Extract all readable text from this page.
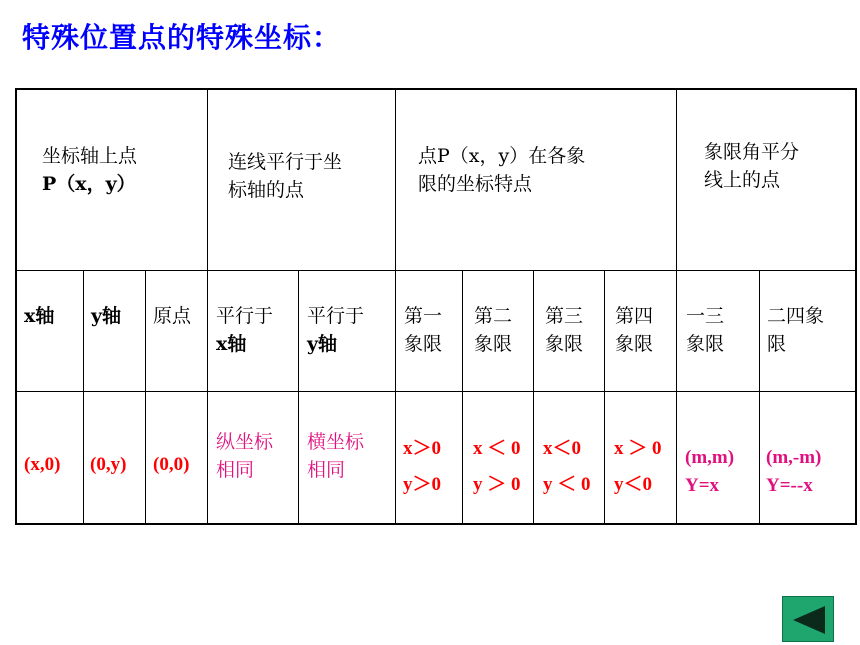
特殊位置点的特殊坐标：
坐标轴上点
P（x，y）
连线平行于坐
标轴的点
点P（x，y）在各象
限的坐标特点
象限角平分
线上的点
x轴 y轴 原点 平行于
x轴
平行于
y轴
第一
象限
第二
象限
第三
象限
第四
象限
一三
象限
二四象
限
(x,0) (0,y) (0,0)
纵坐标
相同
横坐标
相同
x＞0
y＞0
x ＜ 0
y ＞ 0
x＜0
y ＜ 0
x ＞ 0
y＜0
(m,m)
Y=x
(m,-m)
Y=--x
